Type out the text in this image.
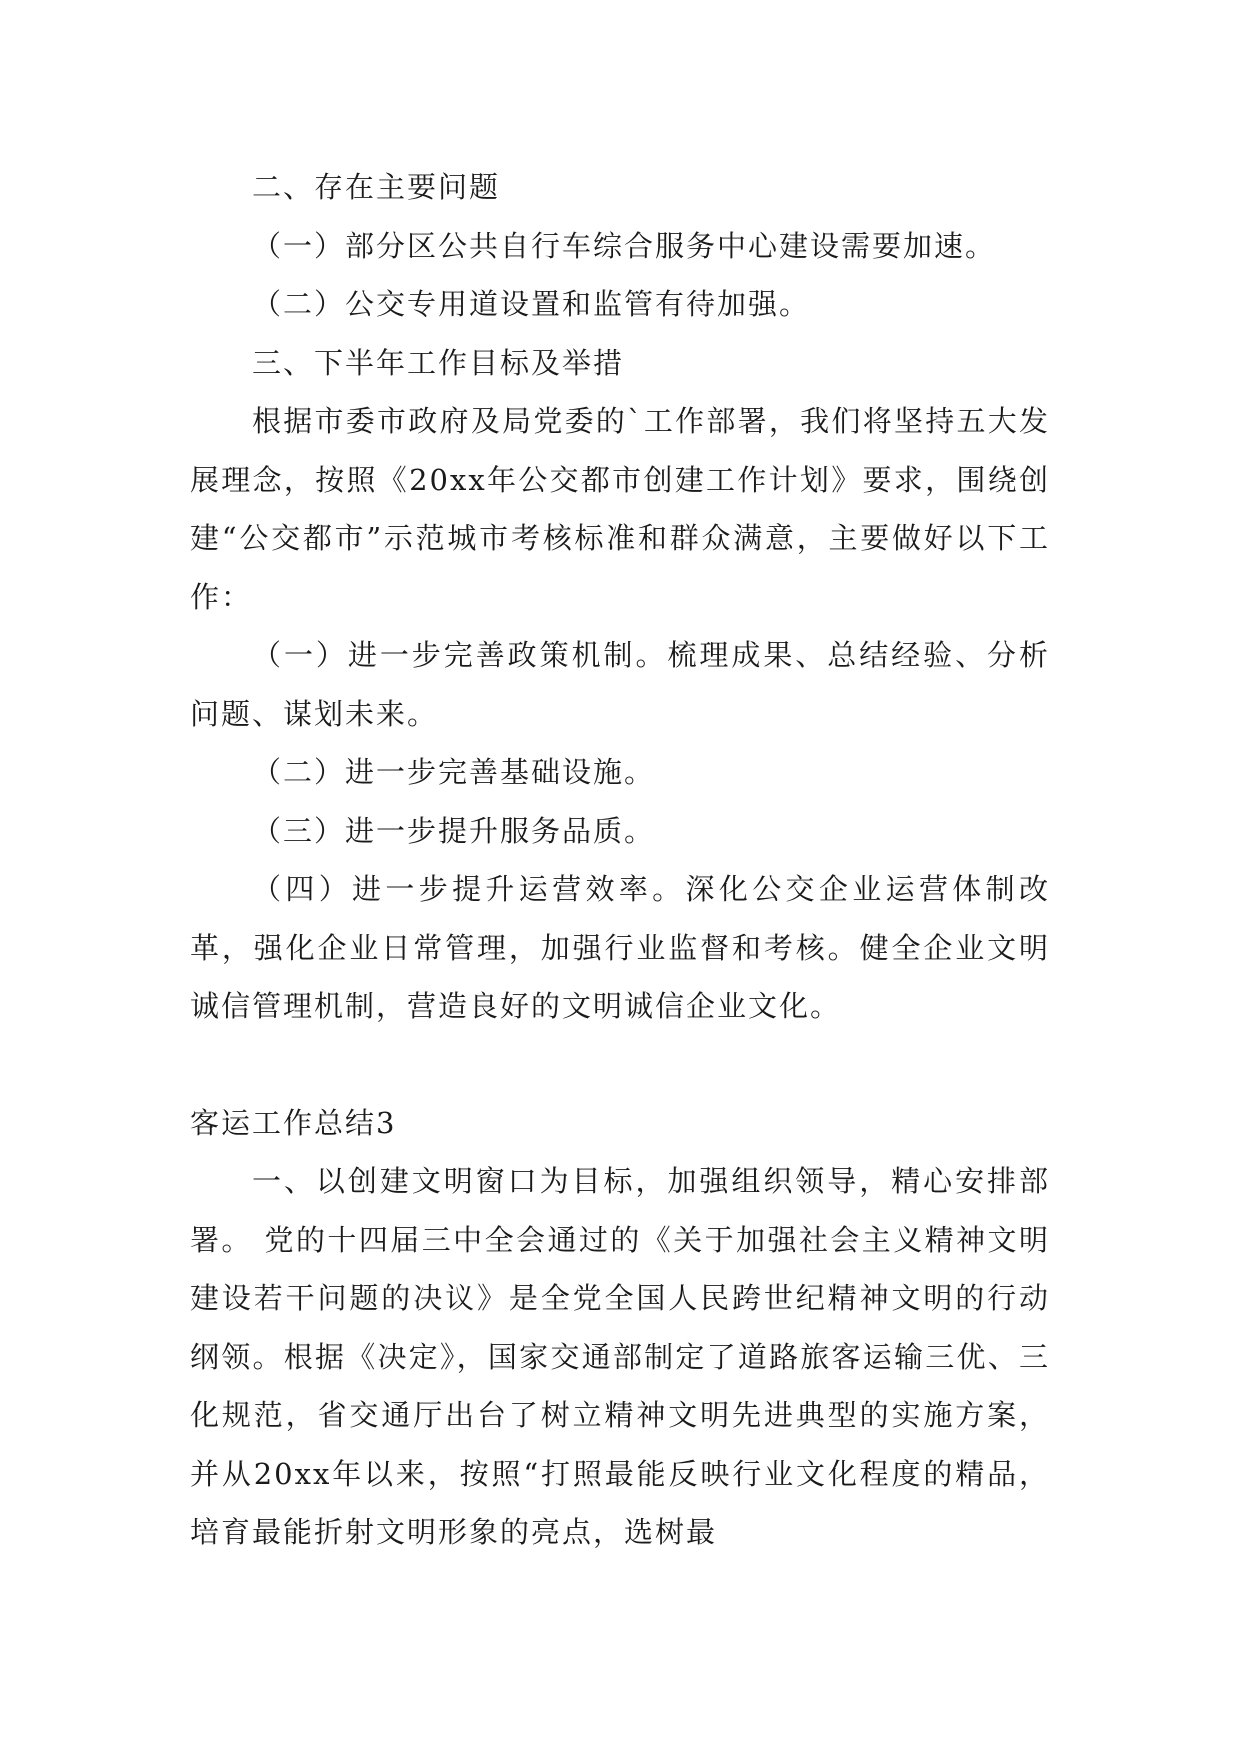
二、存在主要问题

（一）部分区公共自行车综合服务中心建设需要加速。

（二）公交专用道设置和监管有待加强。

三、下半年工作目标及举措

根据市委市政府及局党委的`工作部署，我们将坚持五大发展理念，按照《20xx年公交都市创建工作计划》要求，围绕创建“公交都市”示范城市考核标准和群众满意，主要做好以下工作：

（一）进一步完善政策机制。梳理成果、总结经验、分析问题、谋划未来。

（二）进一步完善基础设施。

（三）进一步提升服务品质。

（四）进一步提升运营效率。深化公交企业运营体制改革，强化企业日常管理，加强行业监督和考核。健全企业文明诚信管理机制，营造良好的文明诚信企业文化。

客运工作总结3

一、以创建文明窗口为目标，加强组织领导，精心安排部署。 党的十四届三中全会通过的《关于加强社会主义精神文明建设若干问题的决议》是全党全国人民跨世纪精神文明的行动纲领。根据《决定》，国家交通部制定了道路旅客运输三优、三化规范，省交通厅出台了树立精神文明先进典型的实施方案，并从20xx年以来，按照“打照最能反映行业文化程度的精品，培育最能折射文明形象的亮点，选树最
